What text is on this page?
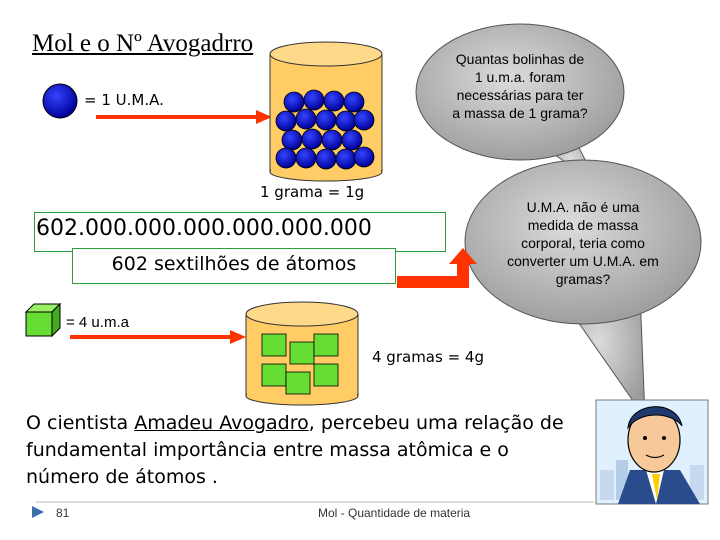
Mol e o Nº Avogadrro
= 1 U.M.A.
1 grama = 1g
Quantas bolinhas de 1 u.m.a. foram necessárias para ter a massa de 1 grama?
U.M.A. não é uma medida de massa corporal, teria como converter um U.M.A. em gramas?
602.000.000.000.000.000.000
602 sextilhões de átomos
= 4 u.m.a
4 gramas = 4g
O cientista Amadeu Avogadro, percebeu uma relação de fundamental importância entre massa atômica e o número de átomos .
81	Mol - Quantidade de materia
